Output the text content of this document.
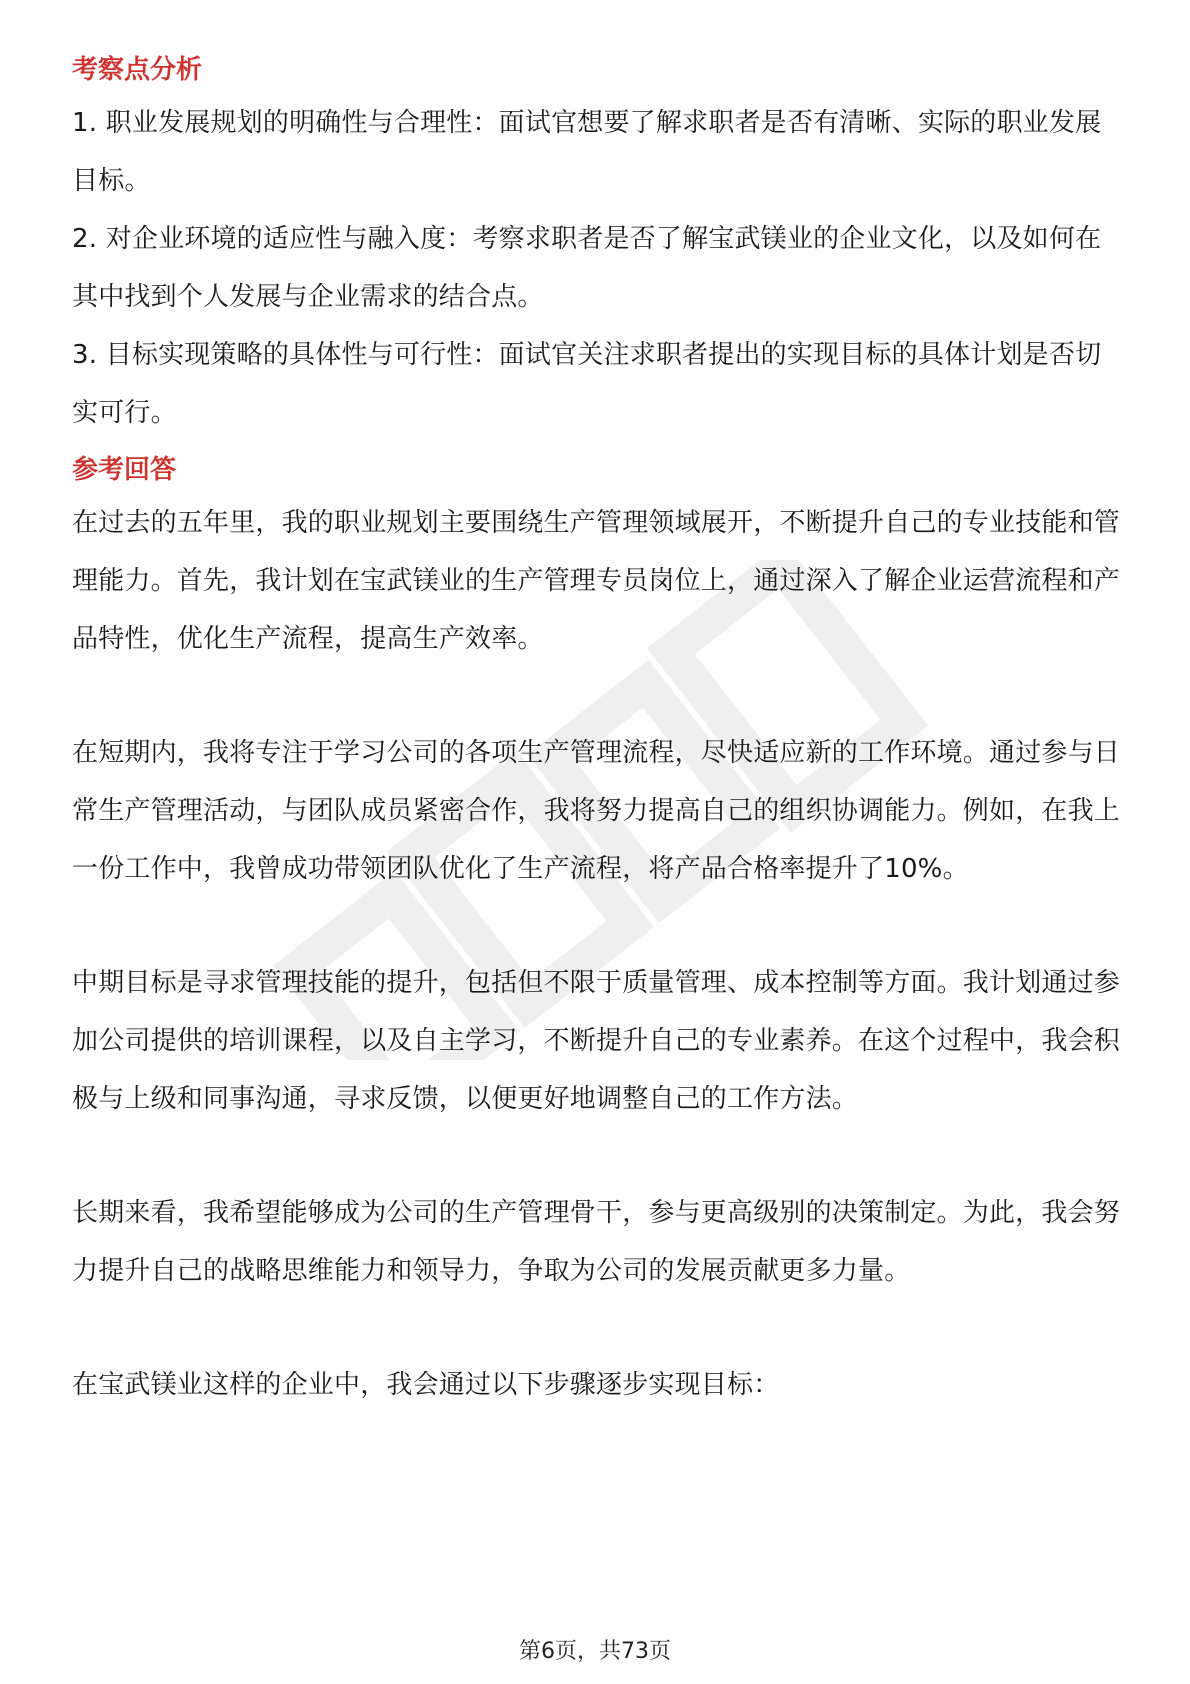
考察点分析

1. 职业发展规划的明确性与合理性：面试官想要了解求职者是否有清晰、实际的职业发展目标。

2. 对企业环境的适应性与融入度：考察求职者是否了解宝武镁业的企业文化，以及如何在其中找到个人发展与企业需求的结合点。

3. 目标实现策略的具体性与可行性：面试官关注求职者提出的实现目标的具体计划是否切实可行。

参考回答

在过去的五年里，我的职业规划主要围绕生产管理领域展开，不断提升自己的专业技能和管理能力。首先，我计划在宝武镁业的生产管理专员岗位上，通过深入了解企业运营流程和产品特性，优化生产流程，提高生产效率。

在短期内，我将专注于学习公司的各项生产管理流程，尽快适应新的工作环境。通过参与日常生产管理活动，与团队成员紧密合作，我将努力提高自己的组织协调能力。例如，在我上一份工作中，我曾成功带领团队优化了生产流程，将产品合格率提升了10%。

中期目标是寻求管理技能的提升，包括但不限于质量管理、成本控制等方面。我计划通过参加公司提供的培训课程，以及自主学习，不断提升自己的专业素养。在这个过程中，我会积极与上级和同事沟通，寻求反馈，以便更好地调整自己的工作方法。

长期来看，我希望能够成为公司的生产管理骨干，参与更高级别的决策制定。为此，我会努力提升自己的战略思维能力和领导力，争取为公司的发展贡献更多力量。

在宝武镁业这样的企业中，我会通过以下步骤逐步实现目标：

第6页，共73页
